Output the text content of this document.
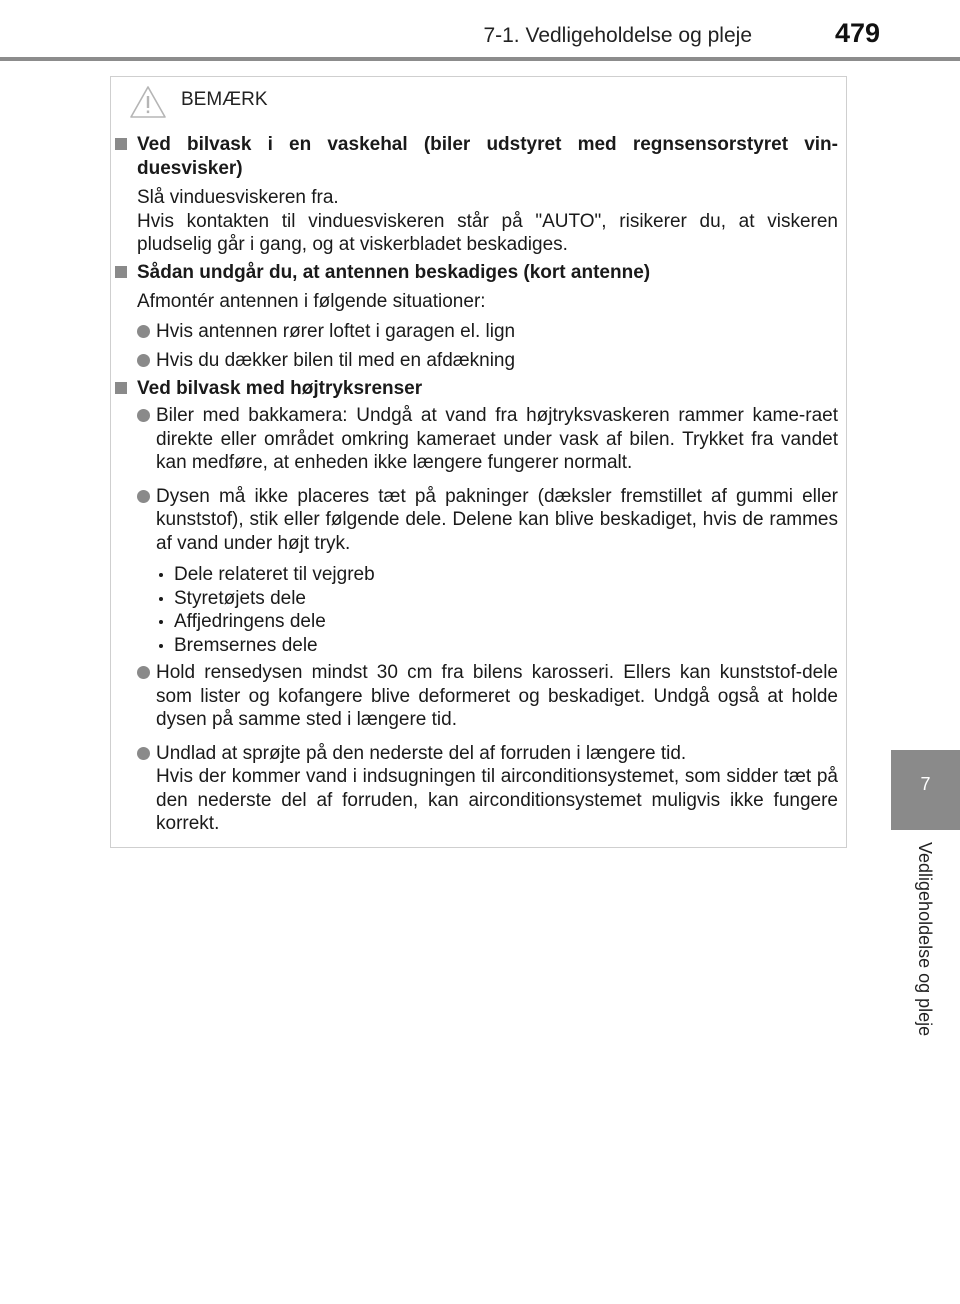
7-1. Vedligeholdelse og pleje	479
7
Vedligeholdelse og pleje
BEMÆRK
Ved bilvask i en vaskehal (biler udstyret med regnsensorstyret vin-duesvisker)
Slå vinduesviskeren fra.
Hvis kontakten til vinduesviskeren står på "AUTO", risikerer du, at viskeren pludselig går i gang, og at viskerbladet beskadiges.
Sådan undgår du, at antennen beskadiges (kort antenne)
Afmontér antennen i følgende situationer:
Hvis antennen rører loftet i garagen el. lign
Hvis du dækker bilen til med en afdækning
Ved bilvask med højtryksrenser
Biler med bakkamera: Undgå at vand fra højtryksvaskeren rammer kame-raet direkte eller området omkring kameraet under vask af bilen. Trykket fra vandet kan medføre, at enheden ikke længere fungerer normalt.
Dysen må ikke placeres tæt på pakninger (dæksler fremstillet af gummi eller kunststof), stik eller følgende dele. Delene kan blive beskadiget, hvis de rammes af vand under højt tryk.
Dele relateret til vejgreb
Styretøjets dele
Affjedringens dele
Bremsernes dele
Hold rensedysen mindst 30 cm fra bilens karosseri. Ellers kan kunststof-dele som lister og kofangere blive deformeret og beskadiget. Undgå også at holde dysen på samme sted i længere tid.
Undlad at sprøjte på den nederste del af forruden i længere tid.
Hvis der kommer vand i indsugningen til airconditionsystemet, som sidder tæt på den nederste del af forruden, kan airconditionsystemet muligvis ikke fungere korrekt.
